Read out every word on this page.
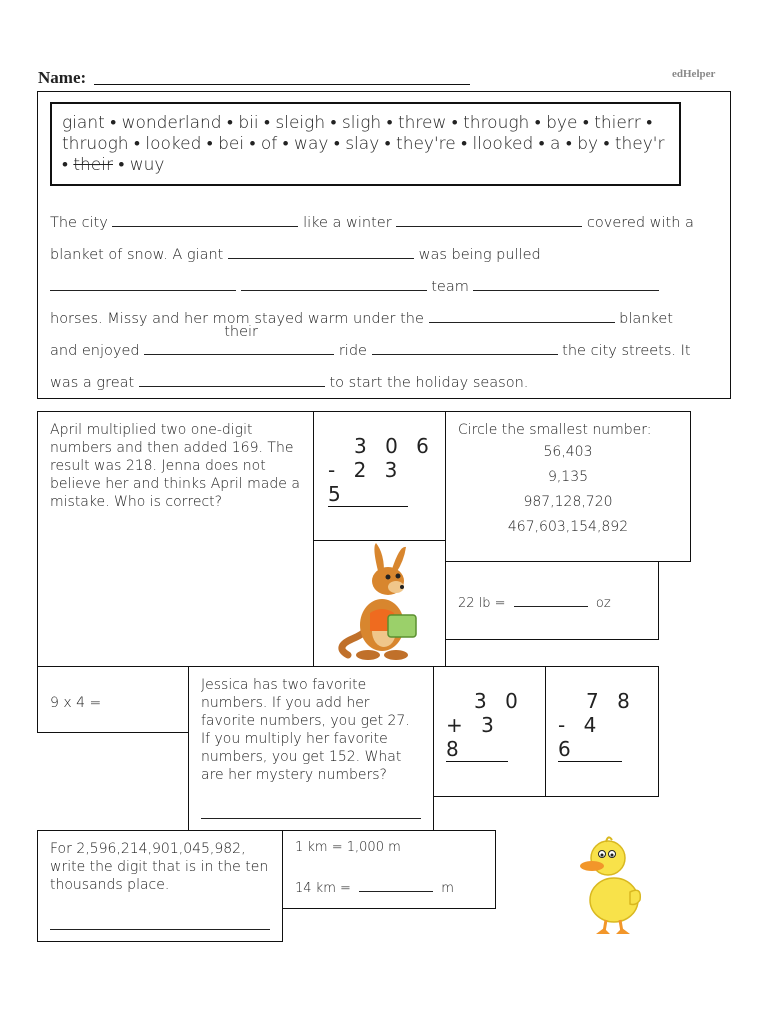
Name:	edHelper
giant • wonderland • bii • sleigh • sligh • threw • through • bye • thierr • thruogh • looked • bei • of • way • slay • they're • llooked • a • by • they'r • their • wuy
The city	like a winter	covered with a
blanket of snow. A giant	was being pulled
team
horses. Missy and her mom stayed warm under the	blanket
and enjoyed
their
ride	the city streets. It
was a great	to start the holiday season.
April multiplied two one-digit numbers and then added 169. The result was 218. Jenna does not believe her and thinks April made a mistake. Who is correct?
3 0 6
- 2 3 5
Circle the smallest number:
56,403
9,135
987,128,720
467,603,154,892
22 lb =	oz
9 x 4 =
Jessica has two favorite numbers. If you add her favorite numbers, you get 27. If you multiply her favorite numbers, you get 152. What are her mystery numbers?
3 0
+ 3 8
7 8
- 4 6
For 2,596,214,901,045,982, write the digit that is in the ten thousands place.
1 km = 1,000 m
14 km =	m
